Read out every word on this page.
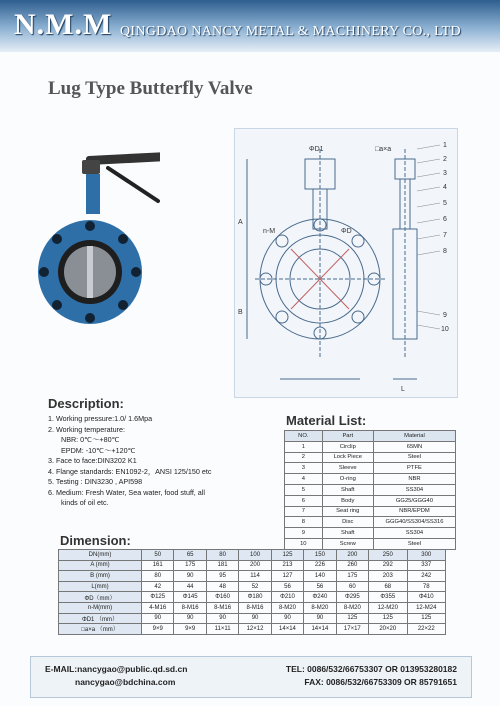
N.M.M QINGDAO NANCY METAL & MACHINERY CO., LTD
Lug Type Butterfly Valve
ΦD1	□a×a
A
B
L
n-M	ΦD
1
2
3
4
5
6
7
8
9
10
Description:
1. Working pressure:1.0/ 1.6Mpa
2. Working temperature:
NBR: 0℃～+80℃
EPDM: -10℃～+120℃
3. Face to face:DIN3202 K1
4. Flange standards: EN1092-2，ANSI 125/150 etc
5. Testing : DIN3230 , API598
6. Medium: Fresh Water, Sea water, food stuff, all
kinds of oil etc.
Material List:
NO.	Part	Material
1	Circlip	65MN
2	Lock Piece	Steel
3	Sleeve	PTFE
4	O-ring	NBR
5	Shaft	SS304
6	Body	GG25/GGG40
7	Seat ring	NBR/EPDM
8	Disc	GGG40/SS304/SS316
9	Shaft	SS304
10	Screw	Steel
Dimension:
DN(mm)	50	65	80	100	125	150	200	250	300
A (mm)	161	175	181	200	213	226	260	292	337
B (mm)	80	90	95	114	127	140	175	203	242
L(mm)	42	44	48	52	56	56	60	68	78
ΦD（mm）	Φ125	Φ145	Φ160	Φ180	Φ210	Φ240	Φ295	Φ355	Φ410
n-M(mm)	4-M16	8-M16	8-M16	8-M16	8-M20	8-M20	8-M20	12-M20	12-M24
ΦD1 （mm）	90	90	90	90	90	90	125	125	125
□a×a （mm）	9×9	9×9	11×11	12×12	14×14	14×14	17×17	20×20	22×22
E-MAIL:nancygao@public.qd.sd.cn
nancygao@bdchina.com
TEL: 0086/532/66753307 OR 013953280182
FAX: 0086/532/66753309 OR 85791651
